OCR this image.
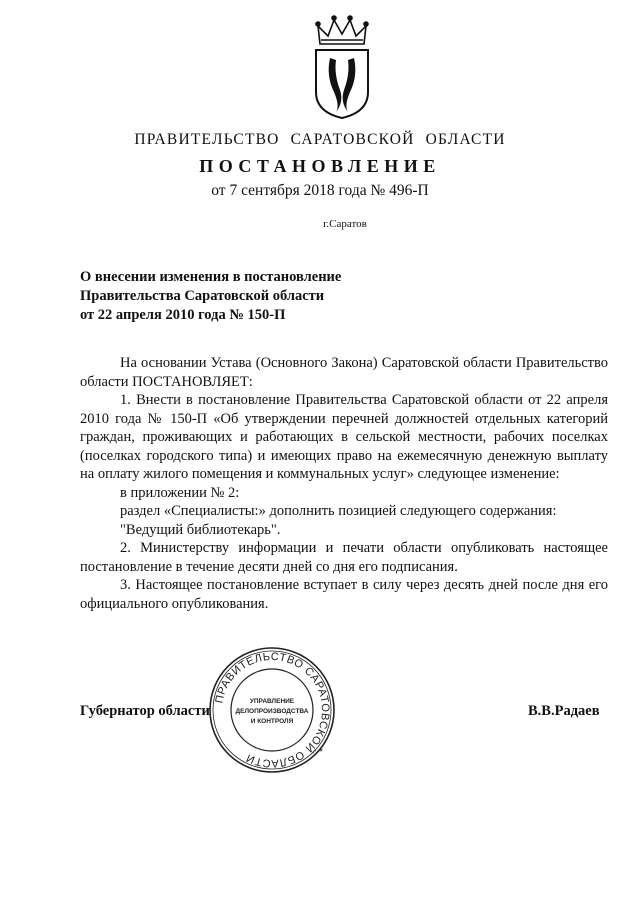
ПРАВИТЕЛЬСТВО САРАТОВСКОЙ ОБЛАСТИ
ПОСТАНОВЛЕНИЕ
от 7 сентября 2018 года № 496-П
г.Саратов
О внесении изменения в постановление
Правительства Саратовской области
от 22 апреля 2010 года № 150-П
На основании Устава (Основного Закона) Саратовской области Правительство области ПОСТАНОВЛЯЕТ:
1. Внести в постановление Правительства Саратовской области от 22 апреля 2010 года № 150-П «Об утверждении перечней должностей отдельных категорий граждан, проживающих и работающих в сельской местности, рабочих поселках (поселках городского типа) и имеющих право на ежемесячную денежную выплату на оплату жилого помещения и коммунальных услуг» следующее изменение:
в приложении № 2:
раздел «Специалисты:» дополнить позицией следующего содержания:
"Ведущий библиотекарь".
2. Министерству информации и печати области опубликовать настоящее постановление в течение десяти дней со дня его подписания.
3. Настоящее постановление вступает в силу через десять дней после дня его официального опубликования.
Губернатор области	В.В.Радаев
ПРАВИТЕЛЬСТВО САРАТОВСКОЙ ОБЛАСТИ	*
УПРАВЛЕНИЕ
ДЕЛОПРОИЗВОДСТВА
И КОНТРОЛЯ
